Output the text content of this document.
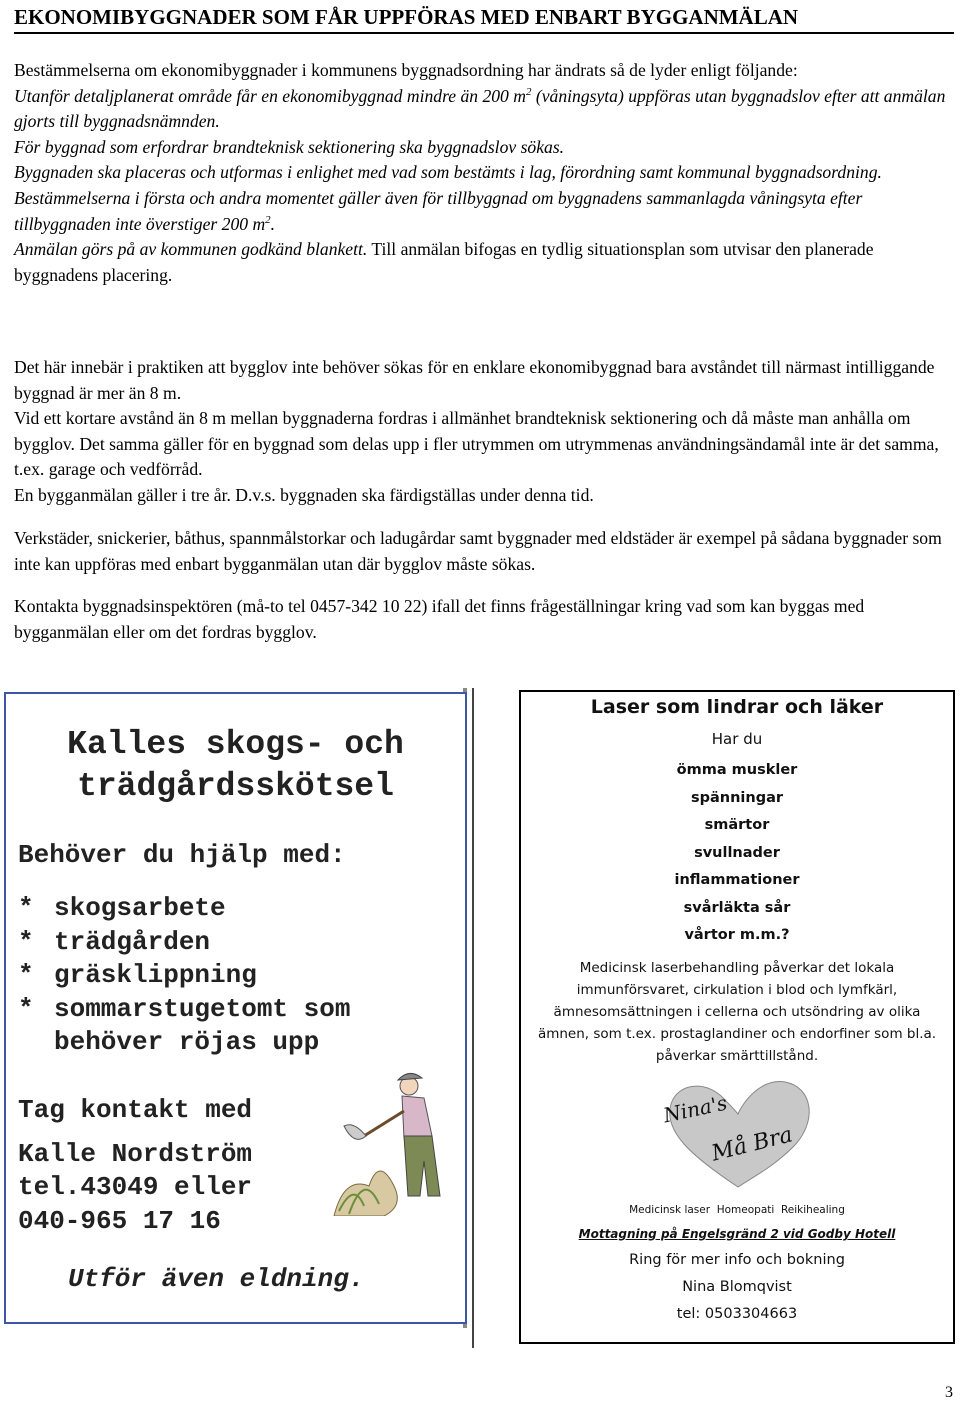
EKONOMIBYGGNADER SOM FÅR UPPFÖRAS MED ENBART BYGGANMÄLAN

Bestämmelserna om ekonomibyggnader i kommunens byggnadsordning har ändrats så de lyder enligt följande:

Utanför detaljplanerat område får en ekonomibyggnad mindre än 200 $m^2$ (våningsyta) uppföras utan byggnadslov efter att anmälan gjorts till byggnadsnämnden.

För byggnad som erfordrar brandteknisk sektionering ska byggnadslov sökas.

Byggnaden ska placeras och utformas i enlighet med vad som bestämts i lag, förordning samt kommunal byggnadsordning.

Bestämmelserna i första och andra momentet gäller även för tillbyggnad om byggnadens sammanlagda våningsyta efter tillbyggnaden inte överstiger 200 $m^2$.

Anmälan görs på av kommunen godkänd blankett. Till anmälan bifogas en tydlig situationsplan som utvisar den planerade byggnadens placering.

Det här innebär i praktiken att bygglov inte behöver sökas för en enklare ekonomibyggnad bara avståndet till närmast intilliggande byggnad är mer än 8 m.

Vid ett kortare avstånd än 8 m mellan byggnaderna fordras i allmänhet brandteknisk sektionering och då måste man anhålla om bygglov. Det samma gäller för en byggnad som delas upp i fler utrymmen om utrymmenas användningsändamål inte är det samma, t.ex. garage och vedförråd.

En bygganmälan gäller i tre år. D.v.s. byggnaden ska färdigställas under denna tid.

Verkstäder, snickerier, båthus, spannmålstorkar och ladugårdar samt byggnader med eldstäder är exempel på sådana byggnader som inte kan uppföras med enbart bygganmälan utan där bygglov måste sökas.
Kontakta byggnadsinspektören (må-to tel 0457-342 10 22) ifall det finns frågeställningar kring vad som kan byggas med bygganmälan eller om det fordras bygglov.
Kalles skogs- och
trädgårdsskötsel
Behöver du hjälp med:
* skogsarbete
* trädgården
* gräsklippning
* sommarstugetomt som behöver röjas upp
Tag kontakt med
Kalle Nordström
tel.43049 eller
040-965 17 16
Utför även eldning.
Laser som lindrar och läker
Har du
ömma muskler
spänningar
smärtor
svullnader
inflammationer
svårläkta sår
vårtor m.m.?
Medicinsk laserbehandling påverkar det lokala immunförsvaret, cirkulation i blod och lymfkärl, ämnesomsättningen i cellerna och utsöndring av olika ämnen, som t.ex. prostaglandiner och endorfiner som bl.a. påverkar smärttillstånd.
Nina's
Må Bra
Medicinsk laser  Homeopati  Reikihealing
Mottagning på Engelsgränd 2 vid Godby Hotell
Ring för mer info och bokning
Nina Blomqvist
tel: 0503304663
3
